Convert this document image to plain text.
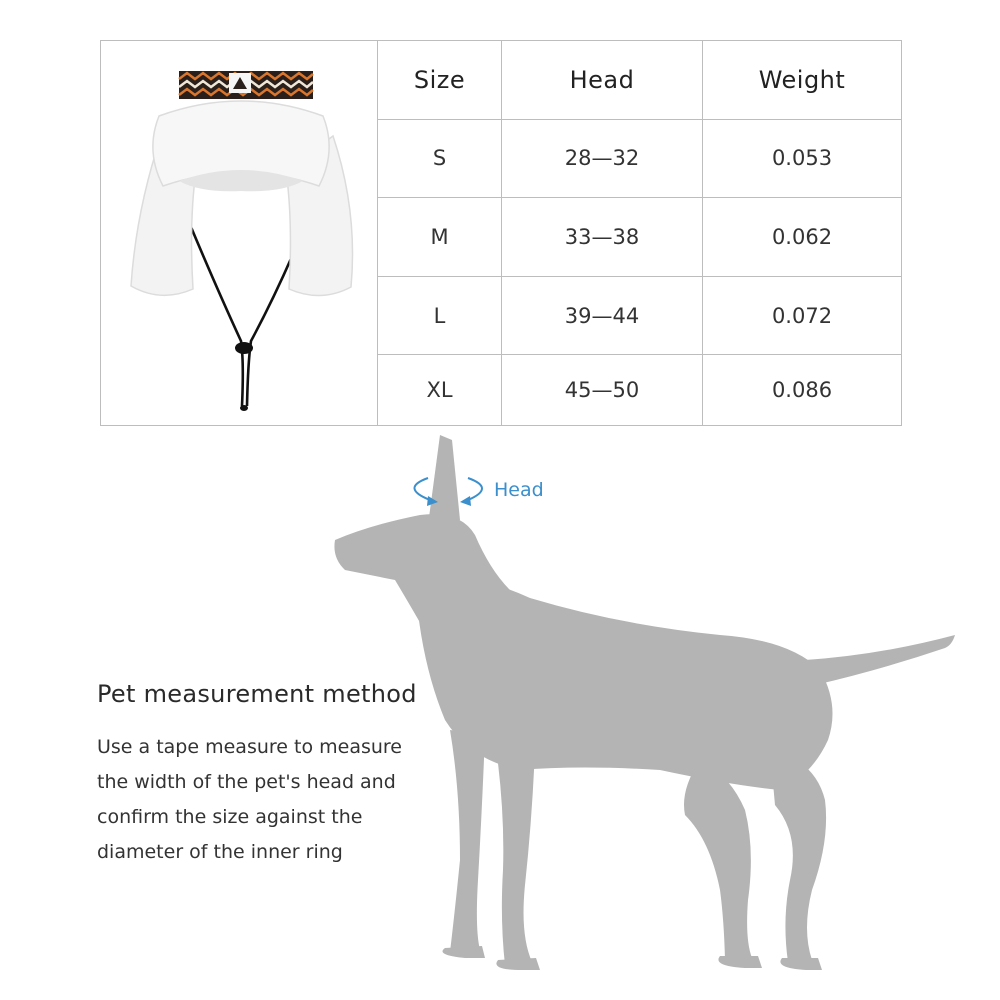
	Size	Head	Weight
	S	28—32	0.053
	M	33—38	0.062
	L	39—44	0.072
	XL	45—50	0.086
Head
Pet measurement method
Use a tape measure to measure
the width of the pet's head and
confirm the size against the
diameter of the inner ring
